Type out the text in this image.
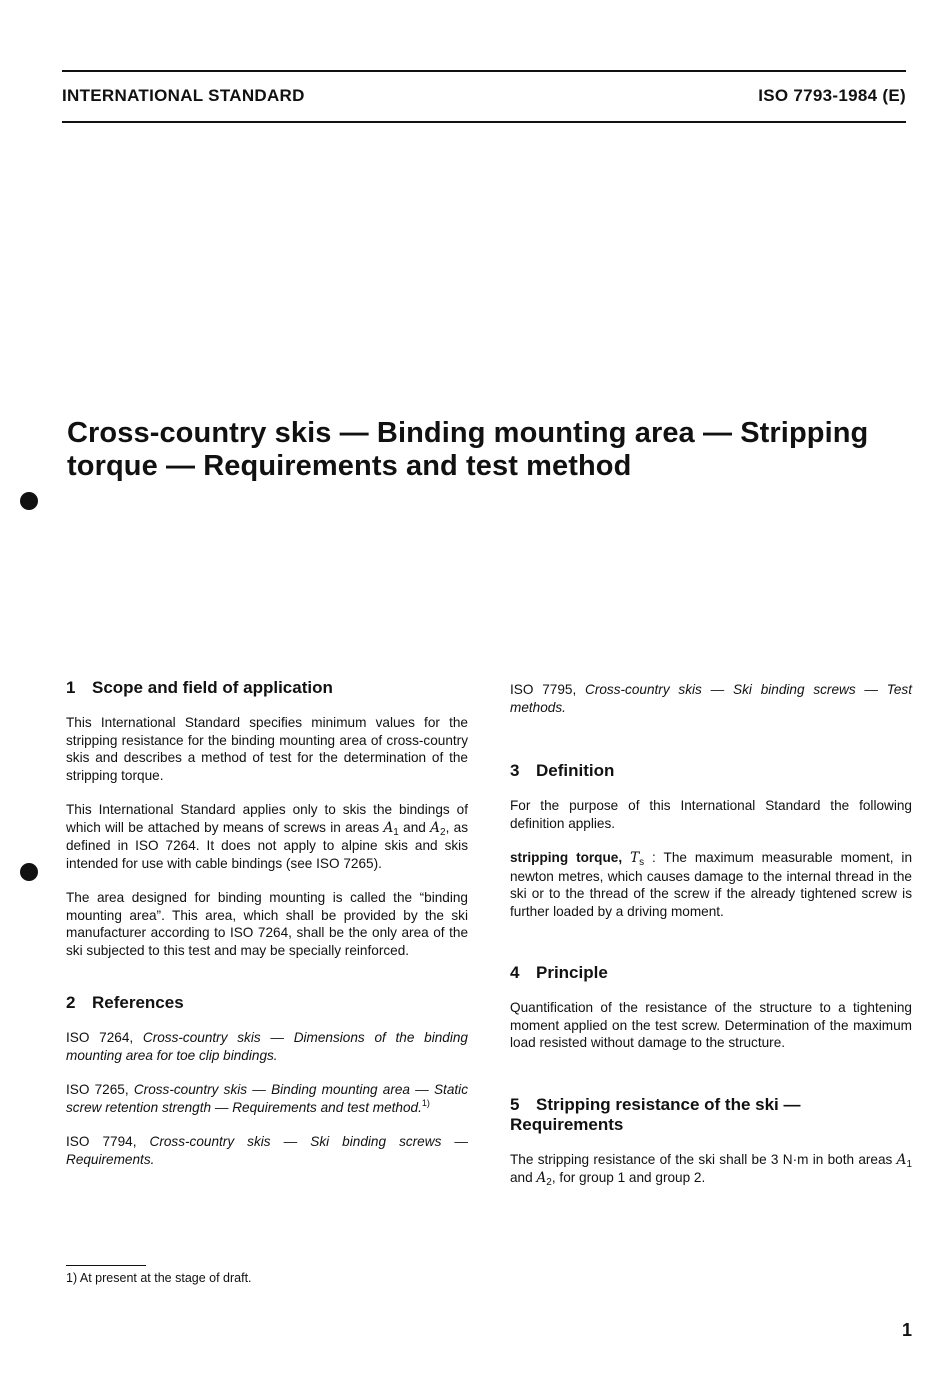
INTERNATIONAL STANDARD	ISO 7793-1984 (E)
Cross-country skis — Binding mounting area — Stripping
torque — Requirements and test method
1 Scope and field of application

This International Standard specifies minimum values for the stripping resistance for the binding mounting area of cross-country skis and describes a method of test for the determination of the stripping torque.

This International Standard applies only to skis the bindings of which will be attached by means of screws in areas $A_1$ and $A_2$, as defined in ISO 7264. It does not apply to alpine skis and skis intended for use with cable bindings (see ISO 7265).

The area designed for binding mounting is called the “binding mounting area”. This area, which shall be provided by the ski manufacturer according to ISO 7264, shall be the only area of the ski subjected to this test and may be specially reinforced.

2 References

ISO 7264, Cross-country skis — Dimensions of the binding mounting area for toe clip bindings.

ISO 7265, Cross-country skis — Binding mounting area — Static screw retention strength — Requirements and test method.$^{1)}$

ISO 7794, Cross-country skis — Ski binding screws — Requirements.

ISO 7795, Cross-country skis — Ski binding screws — Test methods.

3 Definition

For the purpose of this International Standard the following definition applies.

stripping torque, $T_s$ : The maximum measurable moment, in newton metres, which causes damage to the internal thread in the ski or to the thread of the screw if the already tightened screw is further loaded by a driving moment.

4 Principle

Quantification of the resistance of the structure to a tightening moment applied on the test screw. Determination of the maximum load resisted without damage to the structure.

5 Stripping resistance of the ski —
Requirements

The stripping resistance of the ski shall be 3 N·m in both areas $A_1$ and $A_2$, for group 1 and group 2.

1) At present at the stage of draft.
1
